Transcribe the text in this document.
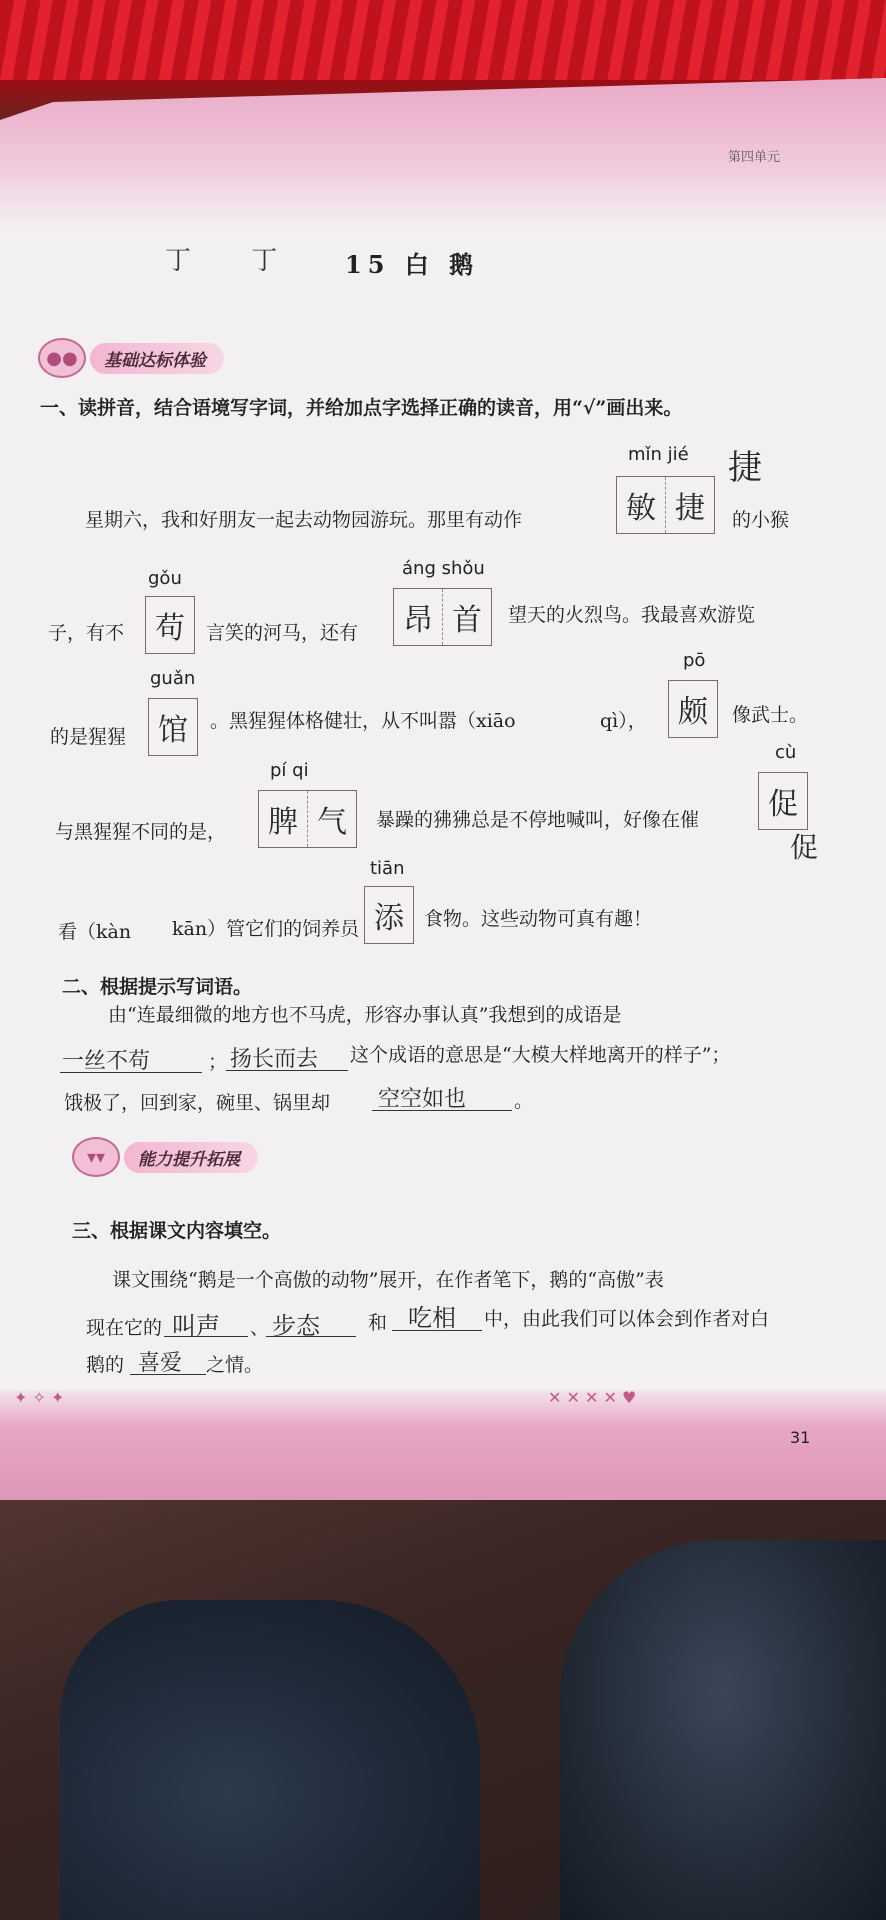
第四单元
丁 丁 15 白 鹅
●●	基础达标体验
一、读拼音，结合语境写字词，并给加点字选择正确的读音，用“√”画出来。
mǐn jié
星期六，我和好朋友一起去动物园游玩。那里有动作	敏 捷
捷
的小猴
gǒu	áng shǒu
子，有不	苟	言笑的河马，还有	昂 首	望天的火烈鸟。我最喜欢游览
guǎn
pō
的是猩猩	馆	。黑猩猩体格健壮，从不叫嚣（xiāo	qì），	颇	像武士。
pí qi
cù
与黑猩猩不同的是，	脾 气	暴躁的狒狒总是不停地喊叫，好像在催	促
促
tiān
看（kàn kān）管它们的饲养员 添	食物。这些动物可真有趣！
二、根据提示写词语。
由“连最细微的地方也不马虎，形容办事认真”我想到的成语是
一丝不苟	； 扬长而去 这个成语的意思是“大模大样地离开的样子”；
饿极了，回到家，碗里、锅里却 空空如也	。
▾▾	能力提升拓展
三、根据课文内容填空。
课文围绕“鹅是一个高傲的动物”展开，在作者笔下，鹅的“高傲”表
现在它的 叫声 、 步态	和 吃相 中，由此我们可以体会到作者对白
鹅的 喜爱 之情。
✦ ✧ ✦	✕ ✕ ✕ ✕ ♥
31
